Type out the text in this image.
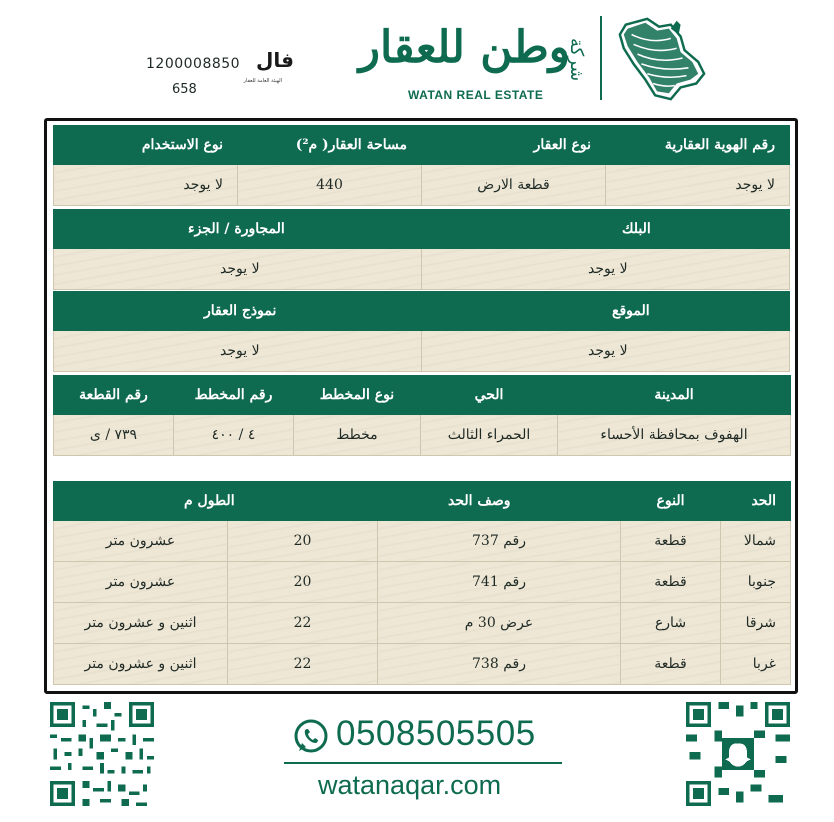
1200008850
658
فال
الهيئة العامة للعقار
وطن للعقار
شركة
WATAN REAL ESTATE
رقم الهوية العقارية	نوع العقار	مساحة العقار( م²)	نوع الاستخدام
لا يوجد	قطعة الارض	440	لا يوجد
البلك	المجاورة / الجزء
لا يوجد	لا يوجد
الموقع	نموذج العقار
لا يوجد	لا يوجد
المدينة	الحي	نوع المخطط	رقم المخطط	رقم القطعة
الهفوف بمحافظة الأحساء	الحمراء الثالث	مخطط	٤ / ٤٠٠	٧٣٩ / ى
الحد	النوع	وصف الحد	الطول م	
شمالا	قطعة	رقم 737	20	عشرون متر
جنوبا	قطعة	رقم 741	20	عشرون متر
شرقا	شارع	عرض 30 م	22	اثنين و عشرون متر
غربا	قطعة	رقم 738	22	اثنين و عشرون متر
0508505505
watanaqar.com
